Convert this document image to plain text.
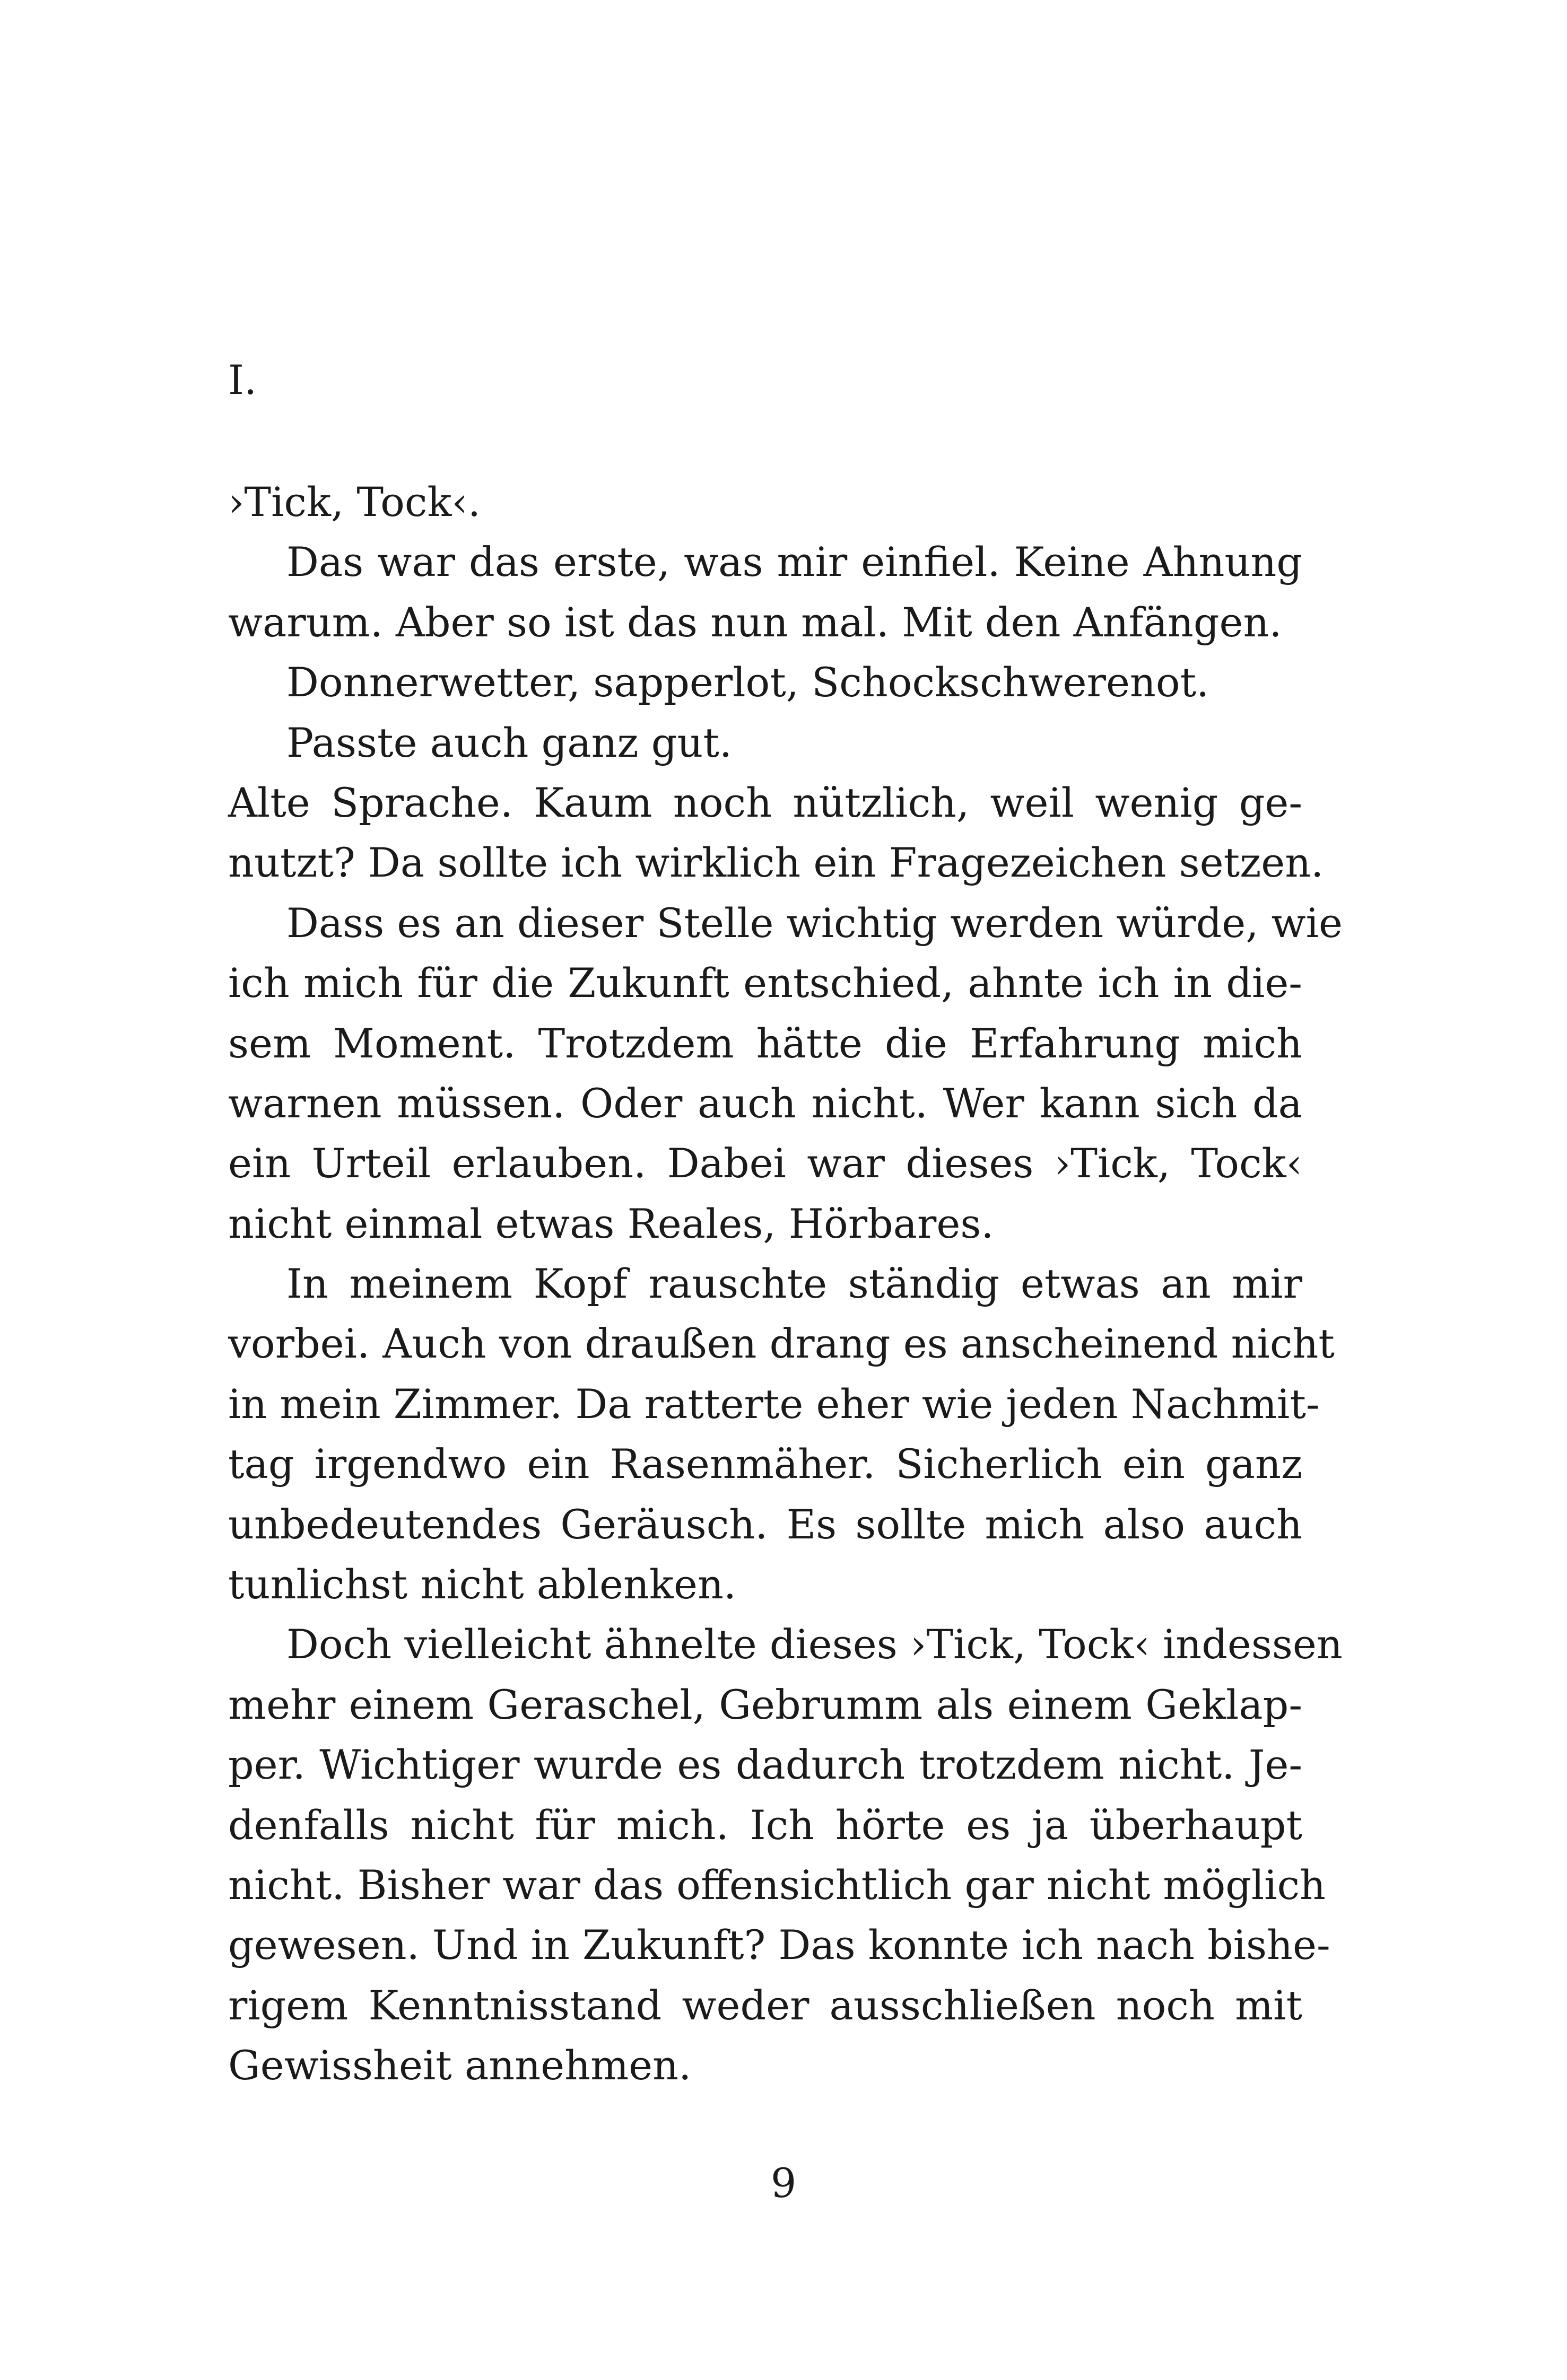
I.
›Tick, Tock‹.
Das war das erste, was mir einfiel. Keine Ahnung
warum. Aber so ist das nun mal. Mit den Anfängen.
Donnerwetter, sapperlot, Schockschwerenot.
Passte auch ganz gut.
Alte Sprache. Kaum noch nützlich, weil wenig ge-
nutzt? Da sollte ich wirklich ein Fragezeichen setzen.
Dass es an dieser Stelle wichtig werden würde, wie
ich mich für die Zukunft entschied, ahnte ich in die-
sem Moment. Trotzdem hätte die Erfahrung mich
warnen müssen. Oder auch nicht. Wer kann sich da
ein Urteil erlauben. Dabei war dieses ›Tick, Tock‹
nicht einmal etwas Reales, Hörbares.
In meinem Kopf rauschte ständig etwas an mir
vorbei. Auch von draußen drang es anscheinend nicht
in mein Zimmer. Da ratterte eher wie jeden Nachmit-
tag irgendwo ein Rasenmäher. Sicherlich ein ganz
unbedeutendes Geräusch. Es sollte mich also auch
tunlichst nicht ablenken.
Doch vielleicht ähnelte dieses ›Tick, Tock‹ indessen
mehr einem Geraschel, Gebrumm als einem Geklap-
per. Wichtiger wurde es dadurch trotzdem nicht. Je-
denfalls nicht für mich. Ich hörte es ja überhaupt
nicht. Bisher war das offensichtlich gar nicht möglich
gewesen. Und in Zukunft? Das konnte ich nach bishe-
rigem Kenntnisstand weder ausschließen noch mit
Gewissheit annehmen.
9
